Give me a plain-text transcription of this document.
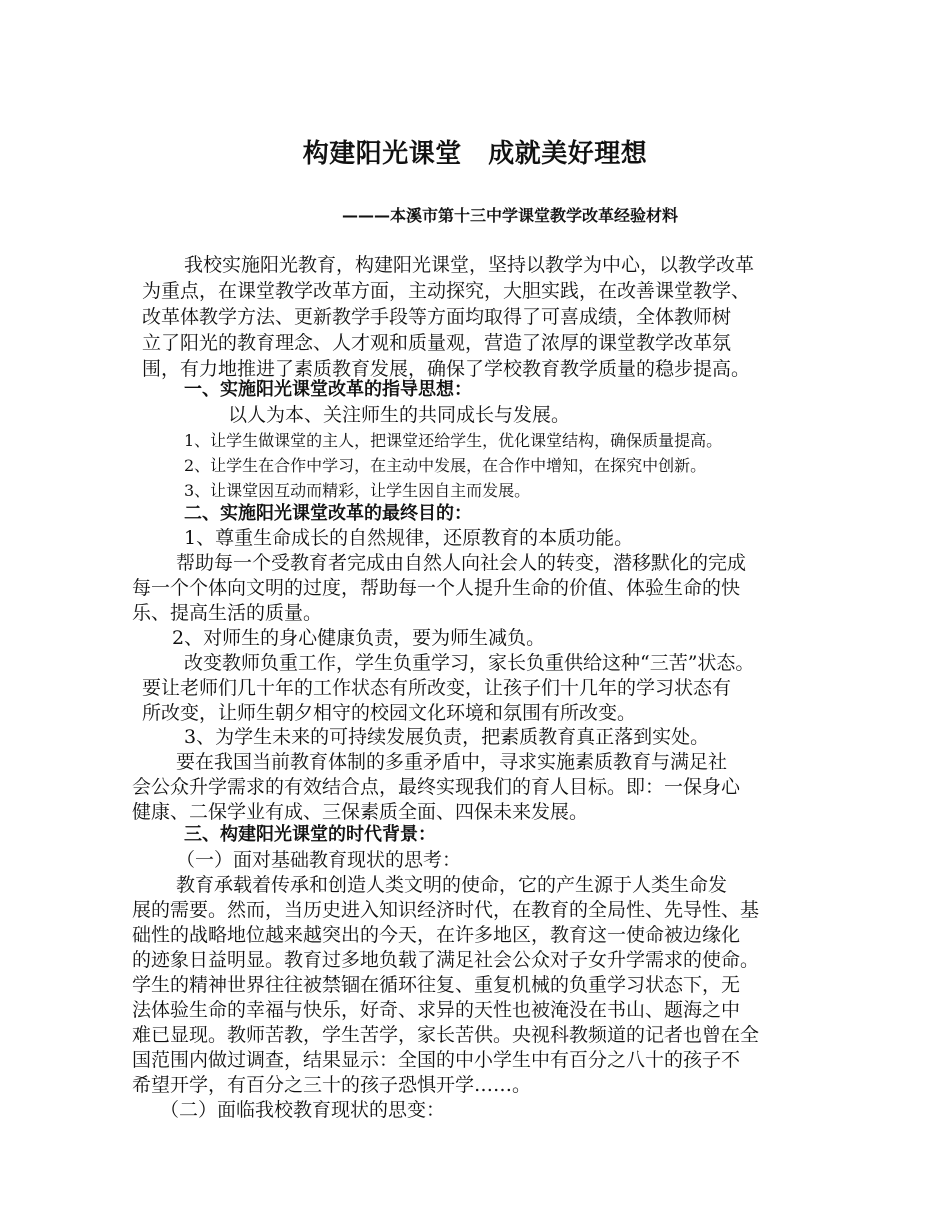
构建阳光课堂　成就美好理想
———本溪市第十三中学课堂教学改革经验材料
我校实施阳光教育，构建阳光课堂，坚持以教学为中心，以教学改革
为重点，在课堂教学改革方面，主动探究，大胆实践，在改善课堂教学、
改革体教学方法、更新教学手段等方面均取得了可喜成绩，全体教师树
立了阳光的教育理念、人才观和质量观，营造了浓厚的课堂教学改革氛
围，有力地推进了素质教育发展，确保了学校教育教学质量的稳步提高。
一、实施阳光课堂改革的指导思想：
以人为本、关注师生的共同成长与发展。
1、让学生做课堂的主人，把课堂还给学生，优化课堂结构，确保质量提高。
2、让学生在合作中学习，在主动中发展，在合作中增知，在探究中创新。
3、让课堂因互动而精彩，让学生因自主而发展。
二、实施阳光课堂改革的最终目的：
1、尊重生命成长的自然规律，还原教育的本质功能。
帮助每一个受教育者完成由自然人向社会人的转变，潜移默化的完成
每一个个体向文明的过度，帮助每一个人提升生命的价值、体验生命的快
乐、提高生活的质量。
2、对师生的身心健康负责，要为师生减负。
改变教师负重工作，学生负重学习，家长负重供给这种“三苦”状态。
要让老师们几十年的工作状态有所改变，让孩子们十几年的学习状态有
所改变，让师生朝夕相守的校园文化环境和氛围有所改变。
3、为学生未来的可持续发展负责，把素质教育真正落到实处。
要在我国当前教育体制的多重矛盾中，寻求实施素质教育与满足社
会公众升学需求的有效结合点，最终实现我们的育人目标。即：一保身心
健康、二保学业有成、三保素质全面、四保未来发展。
三、构建阳光课堂的时代背景：
（一）面对基础教育现状的思考：
教育承载着传承和创造人类文明的使命，它的产生源于人类生命发
展的需要。然而，当历史进入知识经济时代，在教育的全局性、先导性、基
础性的战略地位越来越突出的今天，在许多地区，教育这一使命被边缘化
的迹象日益明显。教育过多地负载了满足社会公众对子女升学需求的使命。
学生的精神世界往往被禁锢在循环往复、重复机械的负重学习状态下，无
法体验生命的幸福与快乐，好奇、求异的天性也被淹没在书山、题海之中
难已显现。教师苦教，学生苦学，家长苦供。央视科教频道的记者也曾在全
国范围内做过调查，结果显示：全国的中小学生中有百分之八十的孩子不
希望开学，有百分之三十的孩子恐惧开学……。
（二）面临我校教育现状的思变：
